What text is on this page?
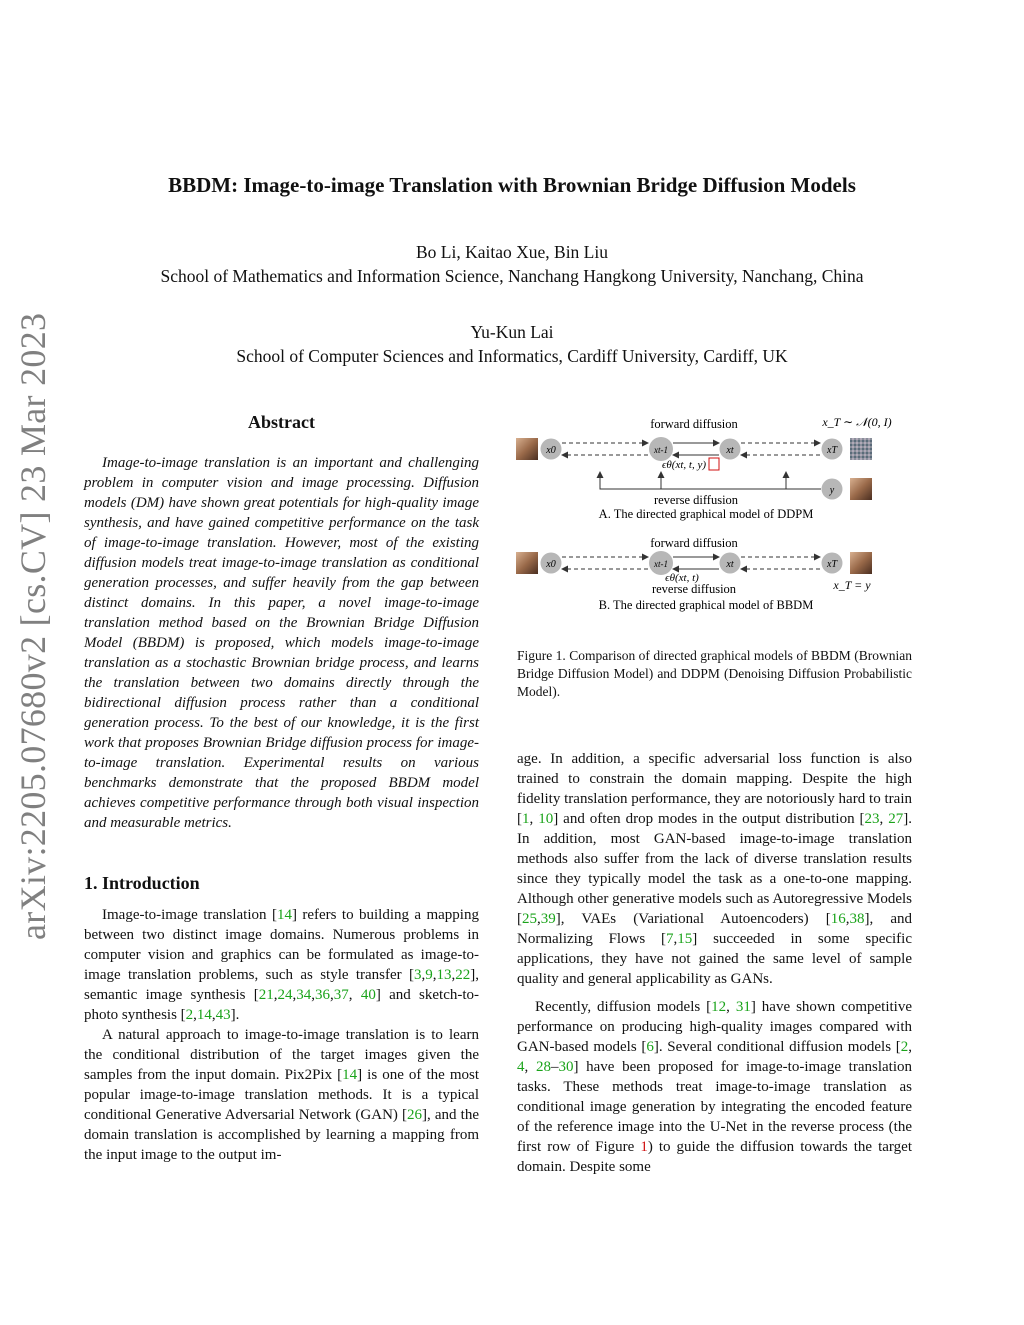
arXiv:2205.07680v2 [cs.CV] 23 Mar 2023
BBDM: Image-to-image Translation with Brownian Bridge Diffusion Models
Bo Li, Kaitao Xue, Bin Liu
School of Mathematics and Information Science, Nanchang Hangkong University, Nanchang, China
Yu-Kun Lai
School of Computer Sciences and Informatics, Cardiff University, Cardiff, UK
Abstract

Image-to-image translation is an important and challenging problem in computer vision and image processing. Diffusion models (DM) have shown great potentials for high-quality image synthesis, and have gained competitive performance on the task of image-to-image translation. However, most of the existing diffusion models treat image-to-image translation as conditional generation processes, and suffer heavily from the gap between distinct domains. In this paper, a novel image-to-image translation method based on the Brownian Bridge Diffusion Model (BBDM) is proposed, which models image-to-image translation as a stochastic Brownian bridge process, and learns the translation between two domains directly through the bidirectional diffusion process rather than a conditional generation process. To the best of our knowledge, it is the first work that proposes Brownian Bridge diffusion process for image-to-image translation. Experimental results on various benchmarks demonstrate that the proposed BBDM model achieves competitive performance through both visual inspection and measurable metrics.

1. Introduction

Image-to-image translation [14] refers to building a mapping between two distinct image domains. Numerous problems in computer vision and graphics can be formulated as image-to-image translation problems, such as style transfer [3,9,13,22], semantic image synthesis [21,24,34,36,37, 40] and sketch-to-photo synthesis [2,14,43].

A natural approach to image-to-image translation is to learn the conditional distribution of the target images given the samples from the input domain. Pix2Pix [14] is one of the most popular image-to-image translation methods. It is a typical conditional Generative Adversarial Network (GAN) [26], and the domain translation is accomplished by learning a mapping from the input image to the output im-

forward diffusion	x_T ∼ 𝒩(0, I)
x0	xt-1	xt	xT
ϵθ(xt, t, y)
y
reverse diffusion
A. The directed graphical model of DDPM
forward diffusion
x0	xt-1	xt	xT
ϵθ(xt, t)
reverse diffusion	x_T = y
B. The directed graphical model of BBDM
Figure 1. Comparison of directed graphical models of BBDM (Brownian Bridge Diffusion Model) and DDPM (Denoising Diffusion Probabilistic Model).

age. In addition, a specific adversarial loss function is also trained to constrain the domain mapping. Despite the high fidelity translation performance, they are notoriously hard to train [1, 10] and often drop modes in the output distribution [23, 27]. In addition, most GAN-based image-to-image translation methods also suffer from the lack of diverse translation results since they typically model the task as a one-to-one mapping. Although other generative models such as Autoregressive Models [25,39], VAEs (Variational Autoencoders) [16,38], and Normalizing Flows [7,15] succeeded in some specific applications, they have not gained the same level of sample quality and general applicability as GANs.

Recently, diffusion models [12, 31] have shown competitive performance on producing high-quality images compared with GAN-based models [6]. Several conditional diffusion models [2, 4, 28–30] have been proposed for image-to-image translation tasks. These methods treat image-to-image translation as conditional image generation by integrating the encoded feature of the reference image into the U-Net in the reverse process (the first row of Figure 1) to guide the diffusion towards the target domain. Despite some
